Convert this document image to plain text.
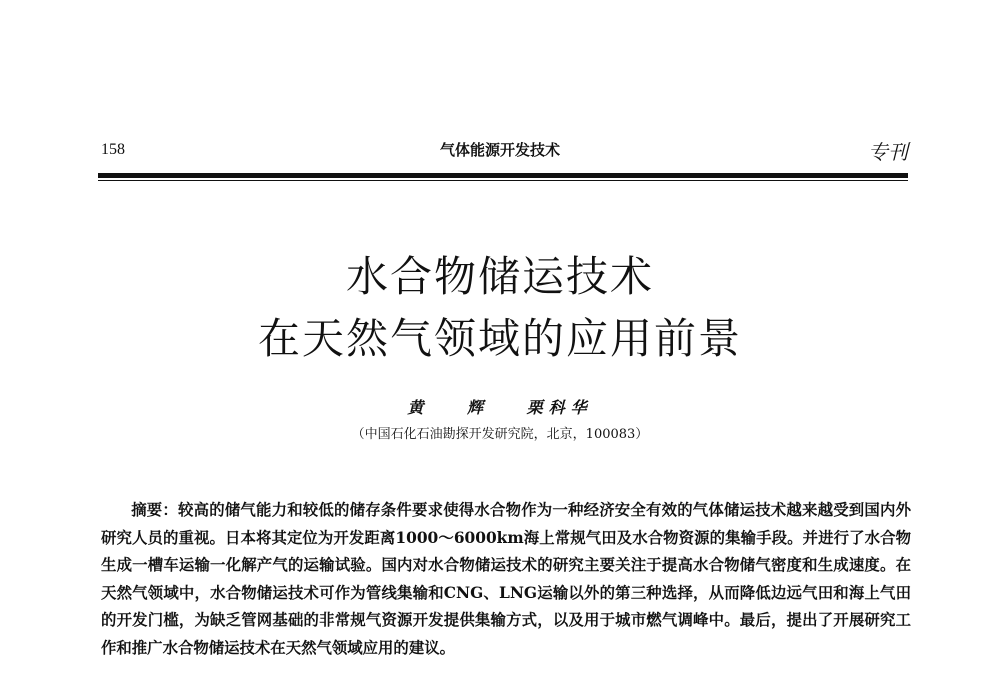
158	气体能源开发技术	专刊
水合物储运技术
在天然气领域的应用前景
黄 辉 栗科华
（中国石化石油勘探开发研究院，北京，100083）

摘要：较高的储气能力和较低的储存条件要求使得水合物作为一种经济安全有效的气体储运技术越来越受到国内外研究人员的重视。日本将其定位为开发距离1000～6000km海上常规气田及水合物资源的集输手段。并进行了水合物生成一槽车运输一化解产气的运输试验。国内对水合物储运技术的研究主要关注于提高水合物储气密度和生成速度。在天然气领域中，水合物储运技术可作为管线集输和CNG、LNG运输以外的第三种选择，从而降低边远气田和海上气田的开发门槛，为缺乏管网基础的非常规气资源开发提供集输方式，以及用于城市燃气调峰中。最后，提出了开展研究工作和推广水合物储运技术在天然气领域应用的建议。
